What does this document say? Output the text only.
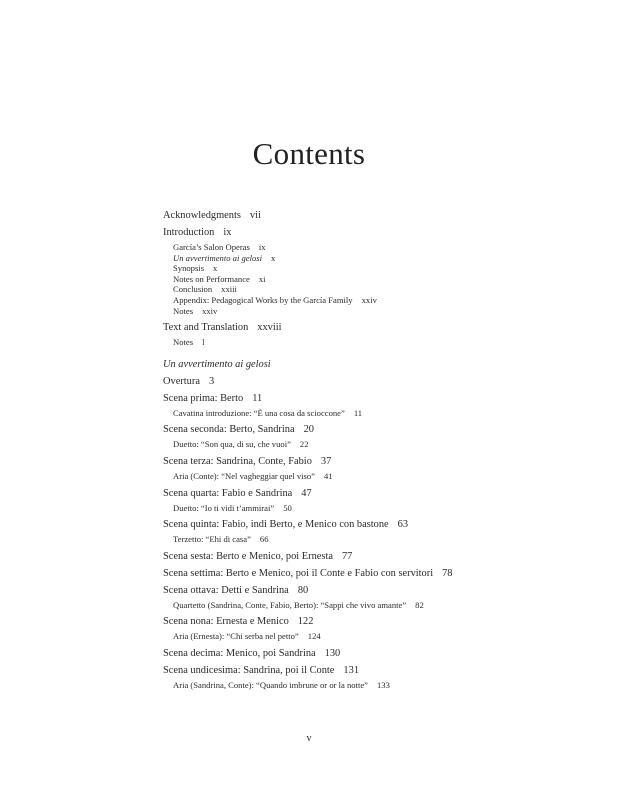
Contents
Acknowledgments vii
Introduction ix
García’s Salon Operas ix
Un avvertimento ai gelosi x
Synopsis x
Notes on Performance xi
Conclusion xxiii
Appendix: Pedagogical Works by the García Family xxiv
Notes xxiv
Text and Translation xxviii
Notes l
Un avvertimento ai gelosi
Overtura 3
Scena prima: Berto 11
Cavatina introduzione: “È una cosa da scioccone” 11
Scena seconda: Berto, Sandrina 20
Duetto: “Son qua, di su, che vuoi” 22
Scena terza: Sandrina, Conte, Fabio 37
Aria (Conte): “Nel vagheggiar quel viso” 41
Scena quarta: Fabio e Sandrina 47
Duetto: “Io ti vidi t’ammirai” 50
Scena quinta: Fabio, indi Berto, e Menico con bastone 63
Terzetto: “Ehi di casa” 66
Scena sesta: Berto e Menico, poi Ernesta 77
Scena settima: Berto e Menico, poi il Conte e Fabio con servitori 78
Scena ottava: Detti e Sandrina 80
Quartetto (Sandrina, Conte, Fabio, Berto): “Sappi che vivo amante” 82
Scena nona: Ernesta e Menico 122
Aria (Ernesta): “Chi serba nel petto” 124
Scena decima: Menico, poi Sandrina 130
Scena undicesima: Sandrina, poi il Conte 131
Aria (Sandrina, Conte): “Quando imbrune or or la notte” 133
v
